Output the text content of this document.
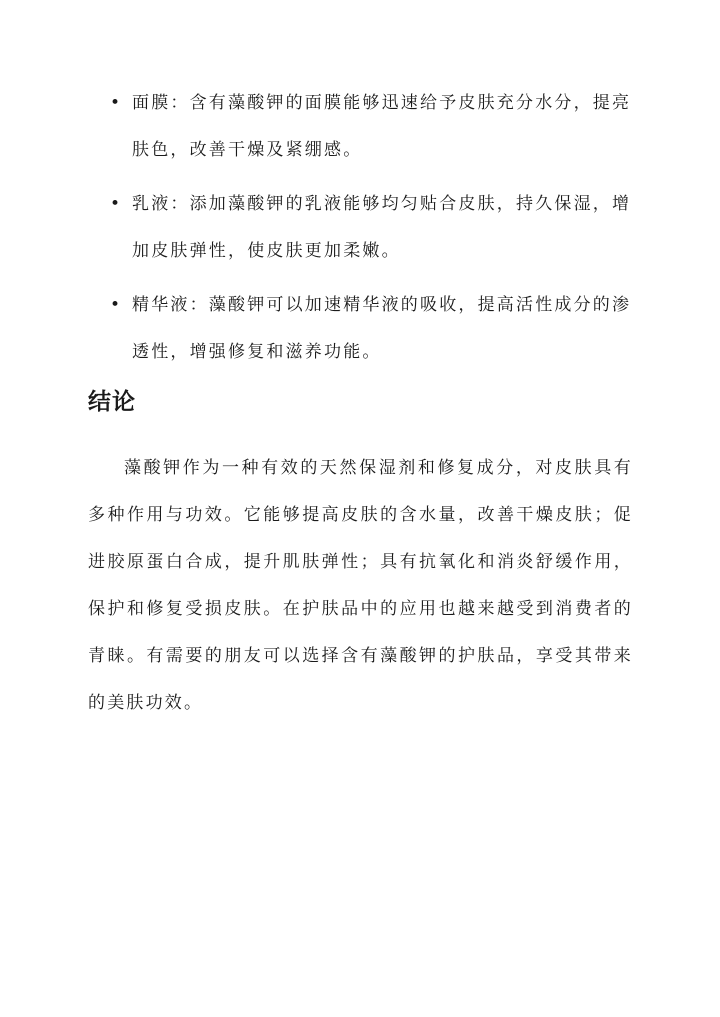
• 面膜：含有藻酸钾的面膜能够迅速给予皮肤充分水分，提亮肤色，改善干燥及紧绷感。
• 乳液：添加藻酸钾的乳液能够均匀贴合皮肤，持久保湿，增加皮肤弹性，使皮肤更加柔嫩。
• 精华液：藻酸钾可以加速精华液的吸收，提高活性成分的渗透性，增强修复和滋养功能。
结论

藻酸钾作为一种有效的天然保湿剂和修复成分，对皮肤具有多种作用与功效。它能够提高皮肤的含水量，改善干燥皮肤；促进胶原蛋白合成，提升肌肤弹性；具有抗氧化和消炎舒缓作用，保护和修复受损皮肤。在护肤品中的应用也越来越受到消费者的青睐。有需要的朋友可以选择含有藻酸钾的护肤品，享受其带来的美肤功效。
